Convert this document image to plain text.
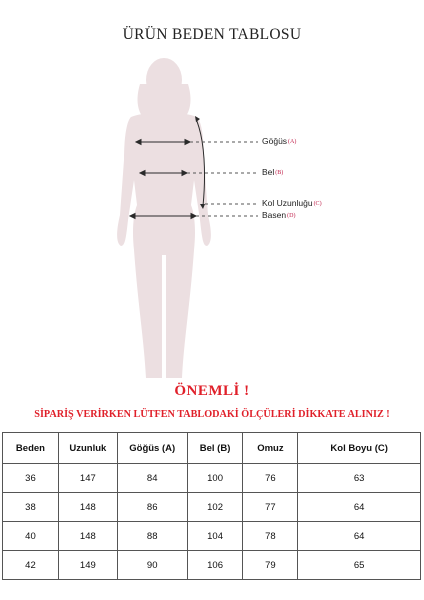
ÜRÜN BEDEN TABLOSU
Göğüs(A)
Bel(B)
Kol Uzunluğu(C)
Basen(D)
ÖNEMLİ !
SİPARİŞ VERİRKEN LÜTFEN TABLODAKİ ÖLÇÜLERİ DİKKATE ALINIZ !
Beden	Uzunluk	Göğüs (A)	Bel (B)	Omuz	Kol Boyu (C)
36	147	84	100	76	63
38	148	86	102	77	64
40	148	88	104	78	64
42	149	90	106	79	65
